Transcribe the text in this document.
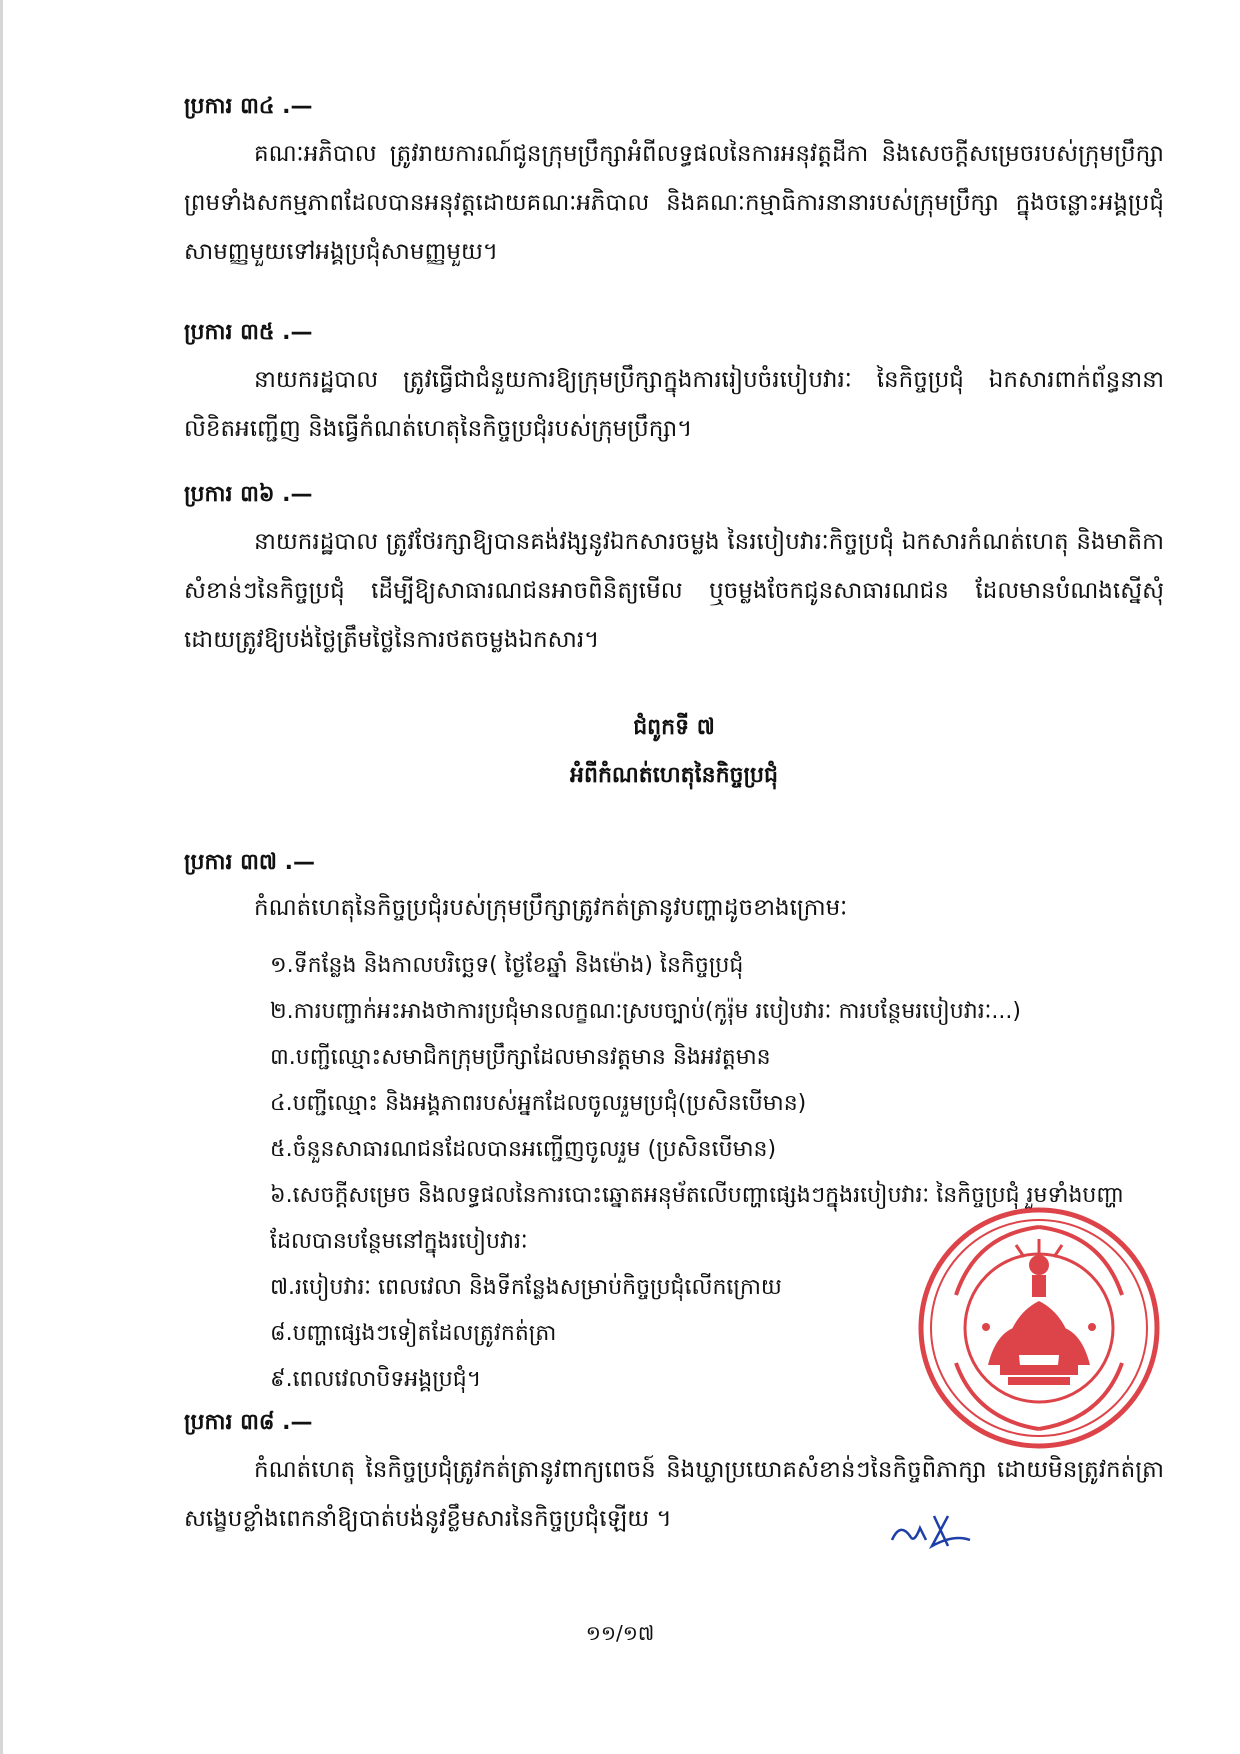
ប្រការ ៣៤ .—
គណៈអភិបាល ត្រូវរាយការណ៍ជូនក្រុមប្រឹក្សាអំពីលទ្ធផលនៃការអនុវត្តដីកា និងសេចក្តីសម្រេចរបស់ក្រុមប្រឹក្សា ព្រមទាំងសកម្មភាពដែលបានអនុវត្តដោយគណៈអភិបាល និងគណៈកម្មាធិការនានារបស់ក្រុមប្រឹក្សា ក្នុងចន្លោះអង្គប្រជុំសាមញ្ញមួយទៅអង្គប្រជុំសាមញ្ញមួយ។
ប្រការ ៣៥ .—
នាយករដ្ឋបាល ត្រូវធ្វើជាជំនួយការឱ្យក្រុមប្រឹក្សាក្នុងការរៀបចំរបៀបវារៈ នៃកិច្ចប្រជុំ ឯកសារពាក់ព័ន្ធនានា លិខិតអញ្ជើញ និងធ្វើកំណត់ហេតុនៃកិច្ចប្រជុំរបស់ក្រុមប្រឹក្សា។
ប្រការ ៣៦ .—
នាយករដ្ឋបាល ត្រូវថែរក្សាឱ្យបានគង់វង្សនូវឯកសារចម្លង នៃរបៀបវារៈកិច្ចប្រជុំ ឯកសារកំណត់ហេតុ និងមាតិកាសំខាន់ៗនៃកិច្ចប្រជុំ ដើម្បីឱ្យសាធារណជនអាចពិនិត្យមើល ឬចម្លងចែកជូនសាធារណជន ដែលមានបំណងស្នើសុំ ដោយត្រូវឱ្យបង់ថ្លៃត្រឹមថ្លៃនៃការថតចម្លងឯកសារ។
ជំពូកទី ៧
អំពីកំណត់ហេតុនៃកិច្ចប្រជុំ
ប្រការ ៣៧ .—
កំណត់ហេតុនៃកិច្ចប្រជុំរបស់ក្រុមប្រឹក្សាត្រូវកត់ត្រានូវបញ្ហាដូចខាងក្រោមៈ
១.ទីកន្លែង និងកាលបរិច្ឆេទ( ថ្ងៃខែឆ្នាំ និងម៉ោង) នៃកិច្ចប្រជុំ
២.ការបញ្ជាក់អះអាងថាការប្រជុំមានលក្ខណៈស្របច្បាប់(កូរ៉ុម របៀបវារៈ ការបន្ថែមរបៀបវារៈ...)
៣.បញ្ជីឈ្មោះសមាជិកក្រុមប្រឹក្សាដែលមានវត្តមាន និងអវត្តមាន
៤.បញ្ជីឈ្មោះ និងអង្គភាពរបស់អ្នកដែលចូលរួមប្រជុំ(ប្រសិនបើមាន)
៥.ចំនួនសាធារណជនដែលបានអញ្ជើញចូលរួម (ប្រសិនបើមាន)
៦.សេចក្តីសម្រេច និងលទ្ធផលនៃការបោះឆ្នោតអនុម័តលើបញ្ហាផ្សេងៗក្នុងរបៀបវារៈ នៃកិច្ចប្រជុំ រួមទាំងបញ្ហាដែលបានបន្ថែមនៅក្នុងរបៀបវារៈ
៧.របៀបវារៈ ពេលវេលា និងទីកន្លែងសម្រាប់កិច្ចប្រជុំលើកក្រោយ
៨.បញ្ហាផ្សេងៗទៀតដែលត្រូវកត់ត្រា
៩.ពេលវេលាបិទអង្គប្រជុំ។
ប្រការ ៣៨ .—
កំណត់ហេតុ នៃកិច្ចប្រជុំត្រូវកត់ត្រានូវពាក្យពេចន៍ និងឃ្លាប្រយោគសំខាន់ៗនៃកិច្ចពិភាក្សា ដោយមិនត្រូវកត់ត្រាសង្ខេបខ្លាំងពេកនាំឱ្យបាត់បង់នូវខ្លឹមសារនៃកិច្ចប្រជុំឡើយ ។
១១/១៧
